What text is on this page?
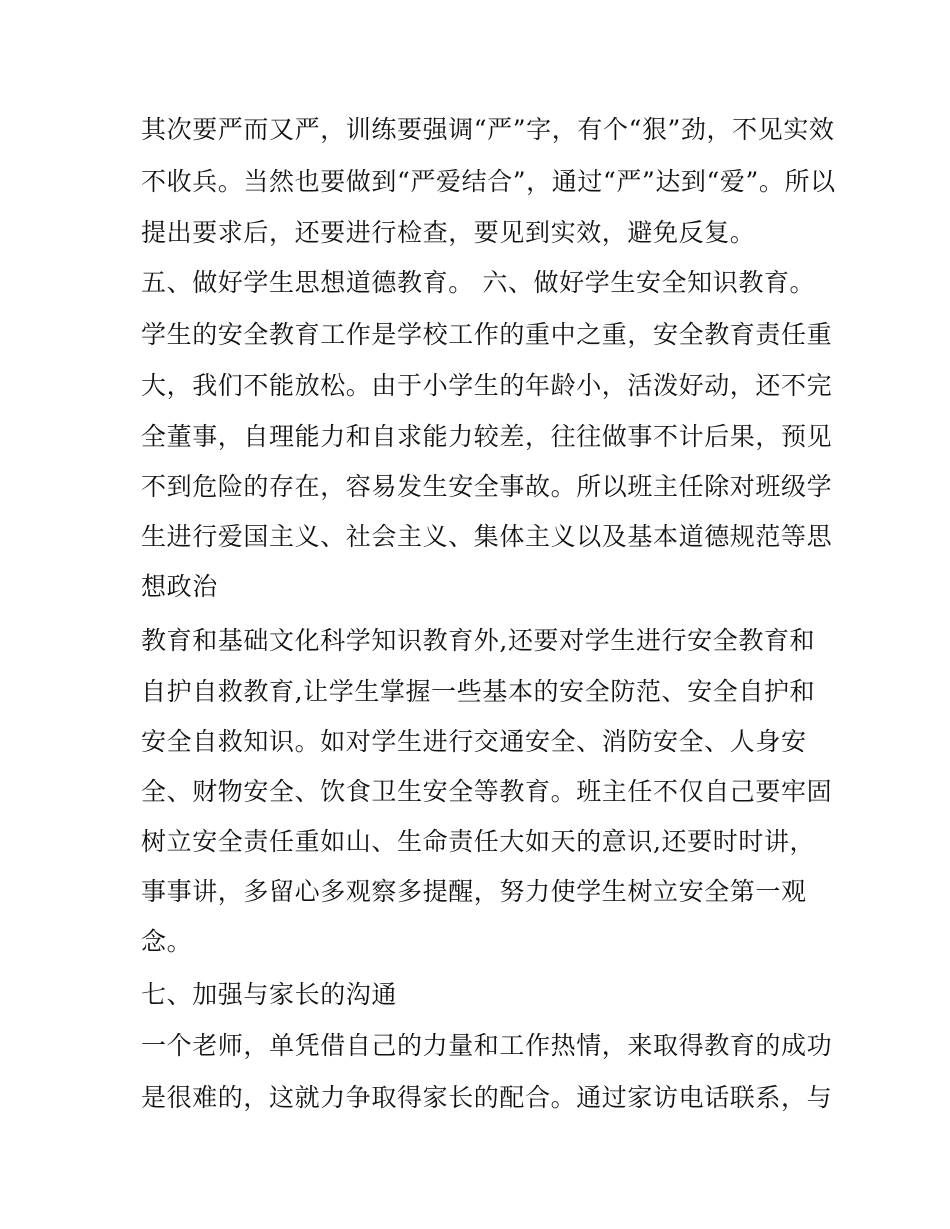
其次要严而又严，训练要强调“严”字，有个“狠”劲，不见实效
不收兵。当然也要做到“严爱结合”，通过“严”达到“爱”。所以
提出要求后，还要进行检查，要见到实效，避免反复。
五、做好学生思想道德教育。 六、做好学生安全知识教育。
学生的安全教育工作是学校工作的重中之重，安全教育责任重
大，我们不能放松。由于小学生的年龄小，活泼好动，还不完
全董事，自理能力和自求能力较差，往往做事不计后果，预见
不到危险的存在，容易发生安全事故。所以班主任除对班级学
生进行爱国主义、社会主义、集体主义以及基本道德规范等思
想政治
教育和基础文化科学知识教育外,还要对学生进行安全教育和
自护自救教育,让学生掌握一些基本的安全防范、安全自护和
安全自救知识。如对学生进行交通安全、消防安全、人身安
全、财物安全、饮食卫生安全等教育。班主任不仅自己要牢固
树立安全责任重如山、生命责任大如天的意识,还要时时讲，
事事讲，多留心多观察多提醒，努力使学生树立安全第一观
念。
七、加强与家长的沟通
一个老师，单凭借自己的力量和工作热情，来取得教育的成功
是很难的，这就力争取得家长的配合。通过家访电话联系，与
